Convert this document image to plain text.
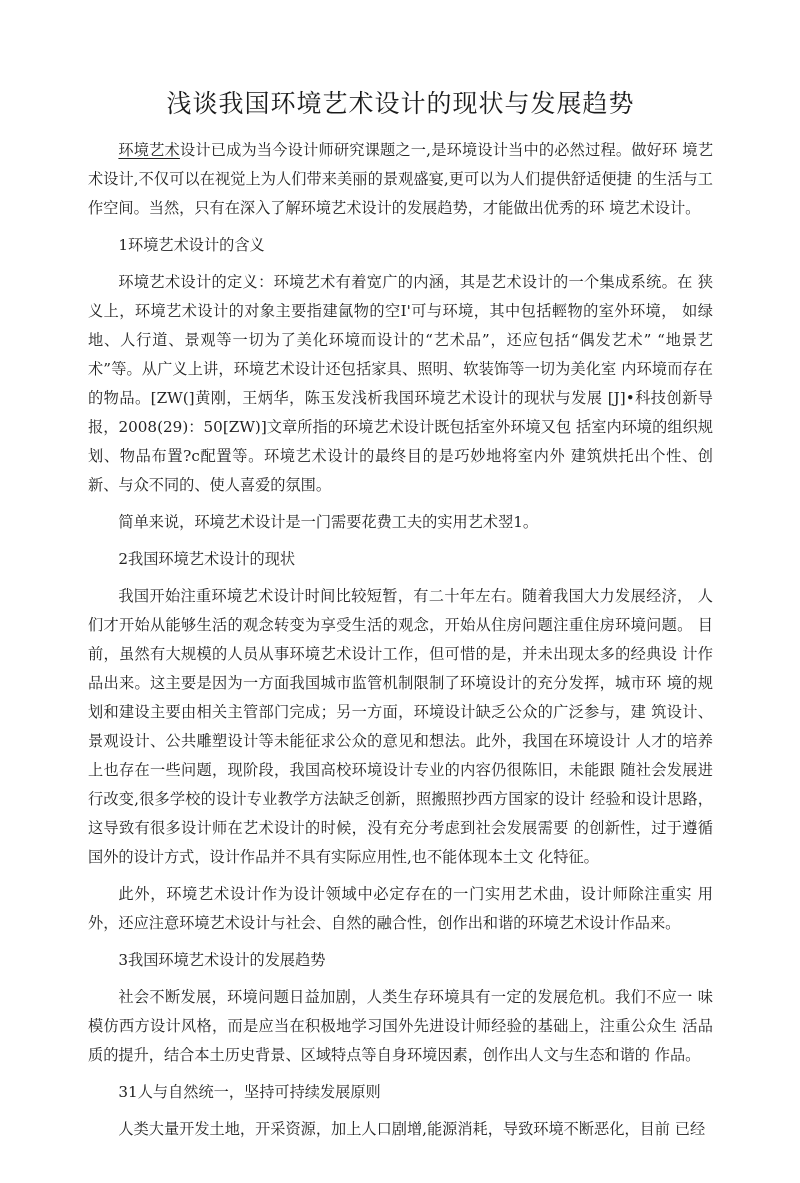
浅谈我国环境艺术设计的现状与发展趋势

环境艺术设计已成为当今设计师研究课题之一,是环境设计当中的必然过程。做好环 境艺术设计,不仅可以在视觉上为人们带来美丽的景观盛宴,更可以为人们提供舒适便捷 的生活与工作空间。当然，只有在深入了解环境艺术设计的发展趋势，才能做出优秀的环 境艺术设计。

1环境艺术设计的含义

环境艺术设计的定义：环境艺术有着宽广的内涵，其是艺术设计的一个集成系统。在 狭义上，环境艺术设计的对象主要指建氤物的空I'可与环境，其中包括輕物的室外环境， 如绿地、人行道、景观等一切为了美化环境而设计的“艺术品”，还应包括“偶发艺术” “地景艺术”等。从广义上讲，环境艺术设计还包括家具、照明、软装饰等一切为美化室 内环境而存在的物品。[ZW(]黄刚，王炳华，陈玉发浅析我国环境艺术设计的现状与发展 [J]•科技创新导报，2008(29)：50[ZW)]文章所指的环境艺术设计既包括室外环境又包 括室内环境的组织规划、物品布置?c配置等。环境艺术设计的最终目的是巧妙地将室内外 建筑烘托出个性、创新、与众不同的、使人喜爱的氛围。

简单来说，环境艺术设计是一门需要花费工夫的实用艺术翌1。

2我国环境艺术设计的现状

我国开始注重环境艺术设计时间比较短暂，有二十年左右。随着我国大力发展经济， 人们才开始从能够生活的观念转变为享受生活的观念，开始从住房问题注重住房环境问题。 目前，虽然有大规模的人员从事环境艺术设计工作，但可惜的是，并未出现太多的经典设 计作品出来。这主要是因为一方面我国城市监管机制限制了环境设计的充分发挥，城市环 境的规划和建设主要由相关主管部门完成；另一方面，环境设计缺乏公众的广泛参与，建 筑设计、景观设计、公共雕塑设计等未能征求公众的意见和想法。此外，我国在环境设计 人才的培养上也存在一些问题，现阶段，我国高校环境设计专业的内容仍很陈旧，未能跟 随社会发展进行改变,很多学校的设计专业教学方法缺乏创新，照搬照抄西方国家的设计 经验和设计思路，这导致有很多设计师在艺术设计的时候，没有充分考虑到社会发展需要 的创新性，过于遵循国外的设计方式，设计作品并不具有实际应用性,也不能体现本土文 化特征。

此外，环境艺术设计作为设计领域中必定存在的一门实用艺术曲，设计师除注重实 用外，还应注意环境艺术设计与社会、自然的融合性，创作出和谐的环境艺术设计作品来。

3我国环境艺术设计的发展趋势

社会不断发展，环境问题日益加剧，人类生存环境具有一定的发展危机。我们不应一 味模仿西方设计风格，而是应当在积极地学习国外先进设计师经验的基础上，注重公众生 活品质的提升，结合本土历史背景、区域特点等自身环境因素，创作出人文与生态和谐的 作品。

31人与自然统一，坚持可持续发展原则

人类大量开发土地，开采资源，加上人口剧增,能源消耗，导致环境不断恶化，目前 已经
